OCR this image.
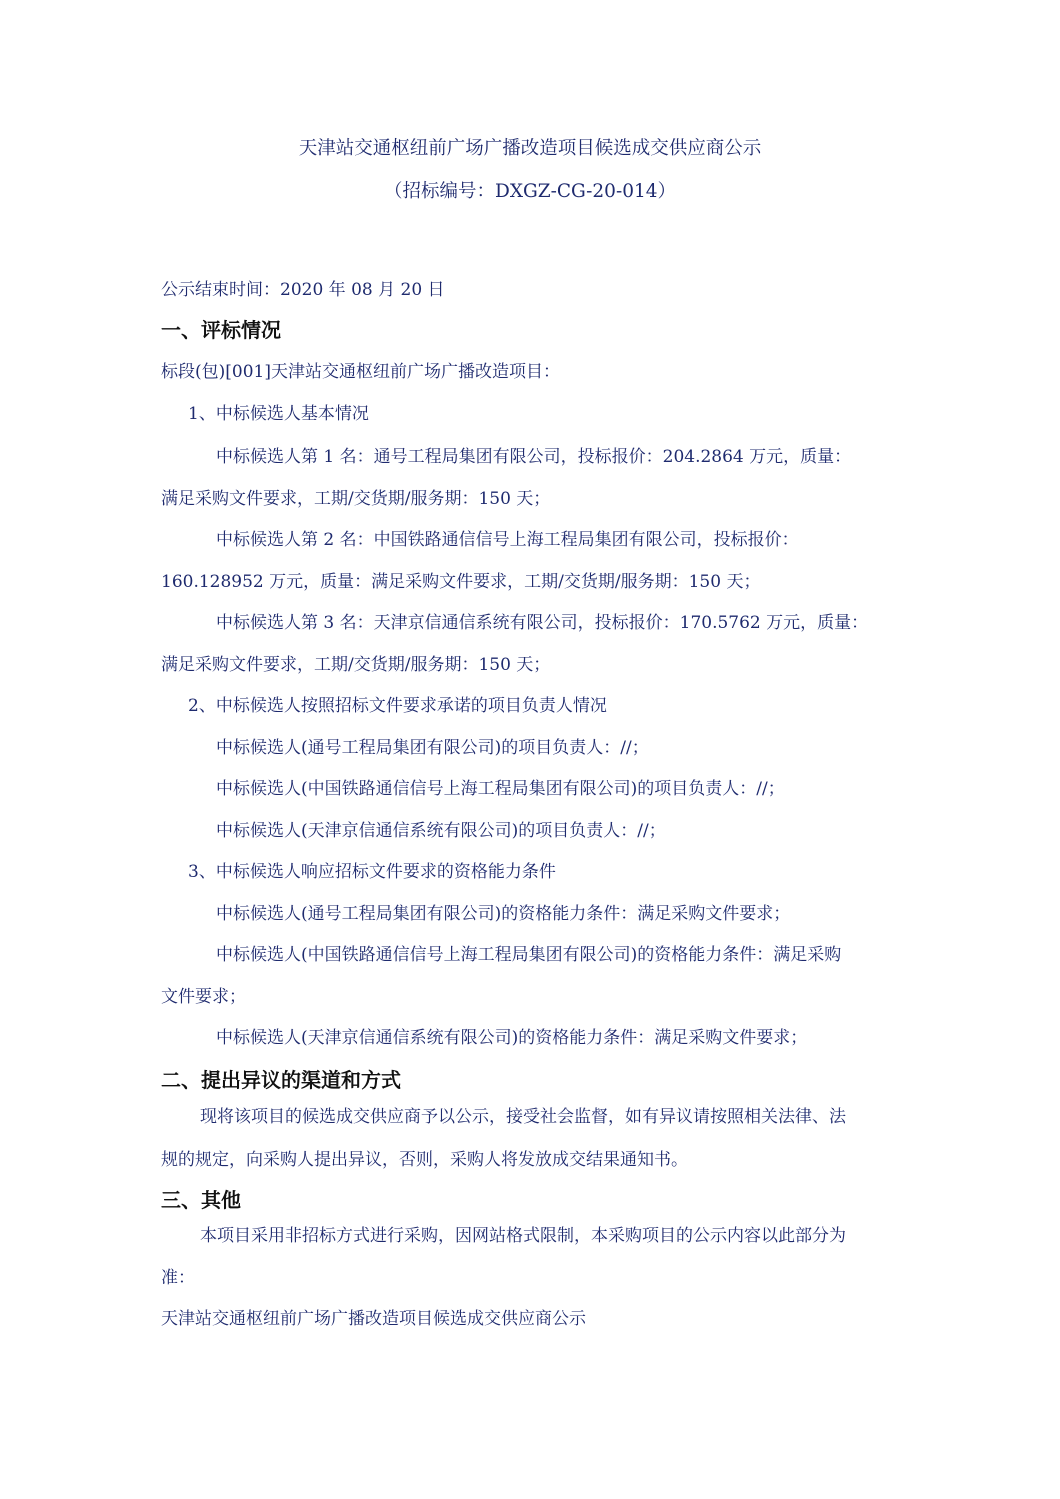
天津站交通枢纽前广场广播改造项目候选成交供应商公示
（招标编号：DXGZ-CG-20-014）
公示结束时间：2020 年 08 月 20 日
一、评标情况
标段(包)[001]天津站交通枢纽前广场广播改造项目：
1、中标候选人基本情况
中标候选人第 1 名：通号工程局集团有限公司，投标报价：204.2864 万元，质量：
满足采购文件要求，工期/交货期/服务期：150 天；
中标候选人第 2 名：中国铁路通信信号上海工程局集团有限公司，投标报价：
160.128952 万元，质量：满足采购文件要求，工期/交货期/服务期：150 天；
中标候选人第 3 名：天津京信通信系统有限公司，投标报价：170.5762 万元，质量：
满足采购文件要求，工期/交货期/服务期：150 天；
2、中标候选人按照招标文件要求承诺的项目负责人情况
中标候选人(通号工程局集团有限公司)的项目负责人：//；
中标候选人(中国铁路通信信号上海工程局集团有限公司)的项目负责人：//；
中标候选人(天津京信通信系统有限公司)的项目负责人：//；
3、中标候选人响应招标文件要求的资格能力条件
中标候选人(通号工程局集团有限公司)的资格能力条件：满足采购文件要求；
中标候选人(中国铁路通信信号上海工程局集团有限公司)的资格能力条件：满足采购
文件要求；
中标候选人(天津京信通信系统有限公司)的资格能力条件：满足采购文件要求；
二、提出异议的渠道和方式
现将该项目的候选成交供应商予以公示，接受社会监督，如有异议请按照相关法律、法
规的规定，向采购人提出异议，否则，采购人将发放成交结果通知书。
三、其他
本项目采用非招标方式进行采购，因网站格式限制，本采购项目的公示内容以此部分为
准：
天津站交通枢纽前广场广播改造项目候选成交供应商公示
